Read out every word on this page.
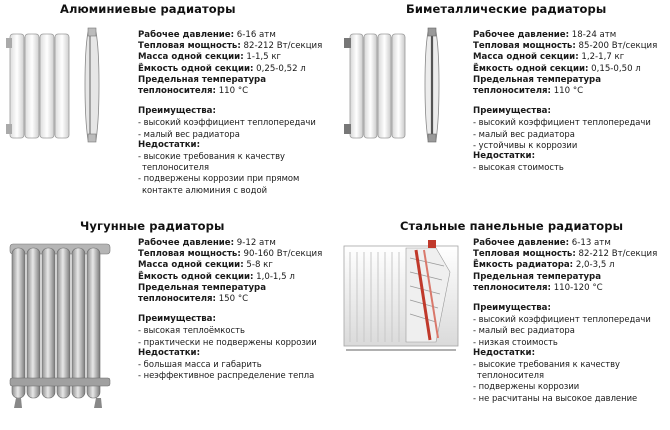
Алюминиевые радиаторы
Рабочее давление: 6-16 атм
Тепловая мощность: 82-212 Вт/секция
Масса одной секции: 1-1,5 кг
Ёмкость одной секции: 0,25-0,52 л
Предельная температура
теплоносителя: 110 °С
Преимущества:
- высокий коэффициент теплопередачи
- малый вес радиатора
Недостатки:
- высокие требования к качеству
теплоносителя
- подвержены коррозии при прямом
контакте алюминия с водой
Биметаллические радиаторы
Рабочее давление: 18-24 атм
Тепловая мощность: 85-200 Вт/секция
Масса одной секции: 1,2-1,7 кг
Ёмкость одной секции: 0,15-0,50 л
Предельная температура
теплоносителя: 110 °С
Преимущества:
- высокий коэффициент теплопередачи
- малый вес радиатора
- устойчивы к коррозии
Недостатки:
- высокая стоимость
Чугунные радиаторы
Рабочее давление: 9-12 атм
Тепловая мощность: 90-160 Вт/секция
Масса одной секции: 5-8 кг
Ёмкость одной секции: 1,0-1,5 л
Предельная температура
теплоносителя: 150 °С
Преимущества:
- высокая теплоёмкость
- практически не подвержены коррозии
Недостатки:
- большая масса и габарить
- неэффективное распределение тепла
Стальные панельные радиаторы
Рабочее давление: 6-13 атм
Тепловая мощность: 82-212 Вт/секция
Ёмкость радиатора: 2,0-3,5 л
Предельная температура
теплоносителя: 110-120 °С
Преимущества:
- высокий коэффициент теплопередачи
- малый вес радиатора
- низкая стоимость
Недостатки:
- высокие требования к качеству
теплоносителя
- подвержены коррозии
- не расчитаны на высокое давление
